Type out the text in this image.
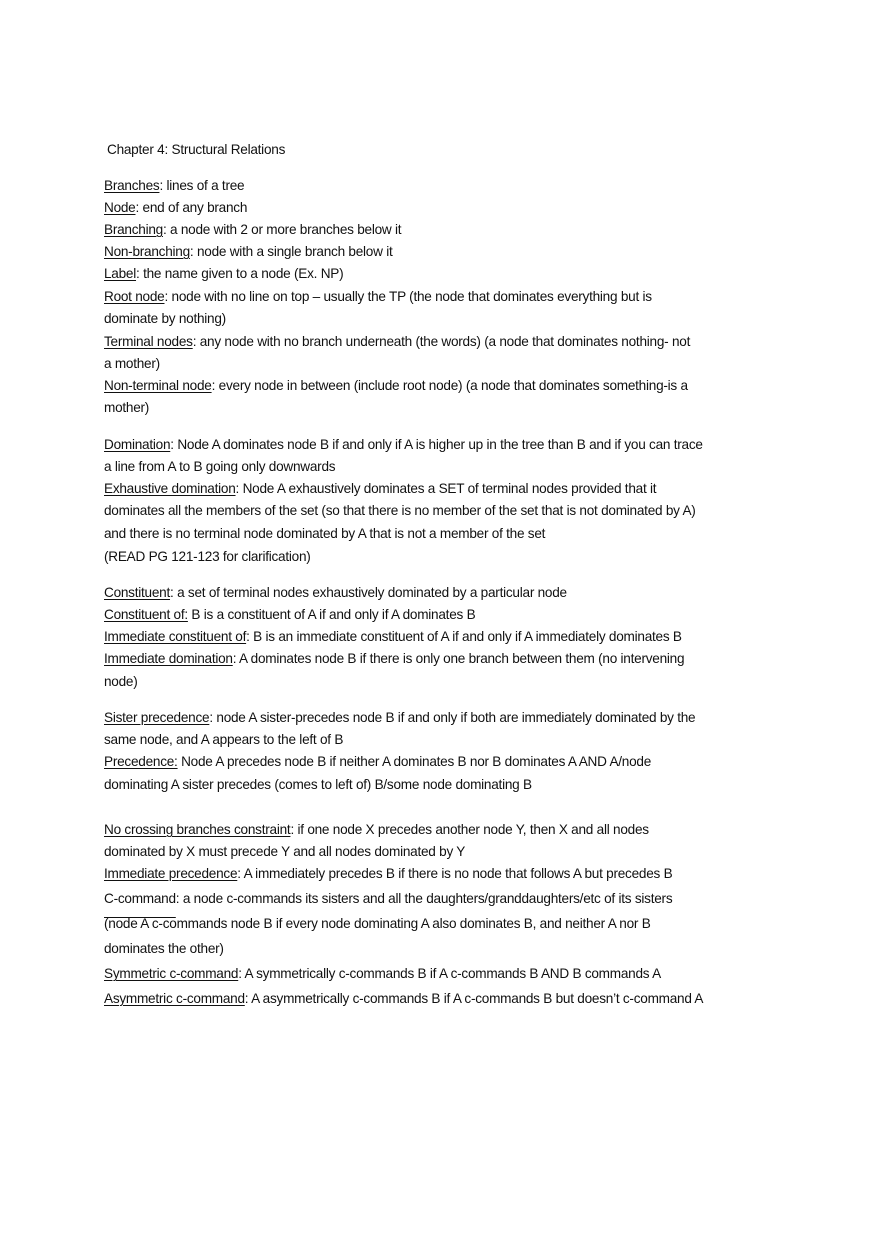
Chapter 4: Structural Relations
Branches: lines of a tree
Node: end of any branch
Branching: a node with 2 or more branches below it
Non-branching: node with a single branch below it
Label: the name given to a node (Ex. NP)
Root node: node with no line on top – usually the TP (the node that dominates everything but is
dominate by nothing)
Terminal nodes: any node with no branch underneath (the words) (a node that dominates nothing- not
a mother)
Non-terminal node: every node in between (include root node) (a node that dominates something-is a
mother)
Domination: Node A dominates node B if and only if A is higher up in the tree than B and if you can trace
a line from A to B going only downwards
Exhaustive domination: Node A exhaustively dominates a SET of terminal nodes provided that it
dominates all the members of the set (so that there is no member of the set that is not dominated by A)
and there is no terminal node dominated by A that is not a member of the set
(READ PG 121-123 for clarification)
Constituent: a set of terminal nodes exhaustively dominated by a particular node
Constituent of: B is a constituent of A if and only if A dominates B
Immediate constituent of: B is an immediate constituent of A if and only if A immediately dominates B
Immediate domination: A dominates node B if there is only one branch between them (no intervening
node)
Sister precedence: node A sister-precedes node B if and only if both are immediately dominated by the
same node, and A appears to the left of B
Precedence: Node A precedes node B if neither A dominates B nor B dominates A AND A/node
dominating A sister precedes (comes to left of) B/some node dominating B
No crossing branches constraint: if one node X precedes another node Y, then X and all nodes
dominated by X must precede Y and all nodes dominated by Y
Immediate precedence: A immediately precedes B if there is no node that follows A but precedes B
C-command: a node c-commands its sisters and all the daughters/granddaughters/etc of its sisters
(node A c-commands node B if every node dominating A also dominates B, and neither A nor B
dominates the other)
Symmetric c-command: A symmetrically c-commands B if A c-commands B AND B commands A
Asymmetric c-command: A asymmetrically c-commands B if A c-commands B but doesn’t c-command A
